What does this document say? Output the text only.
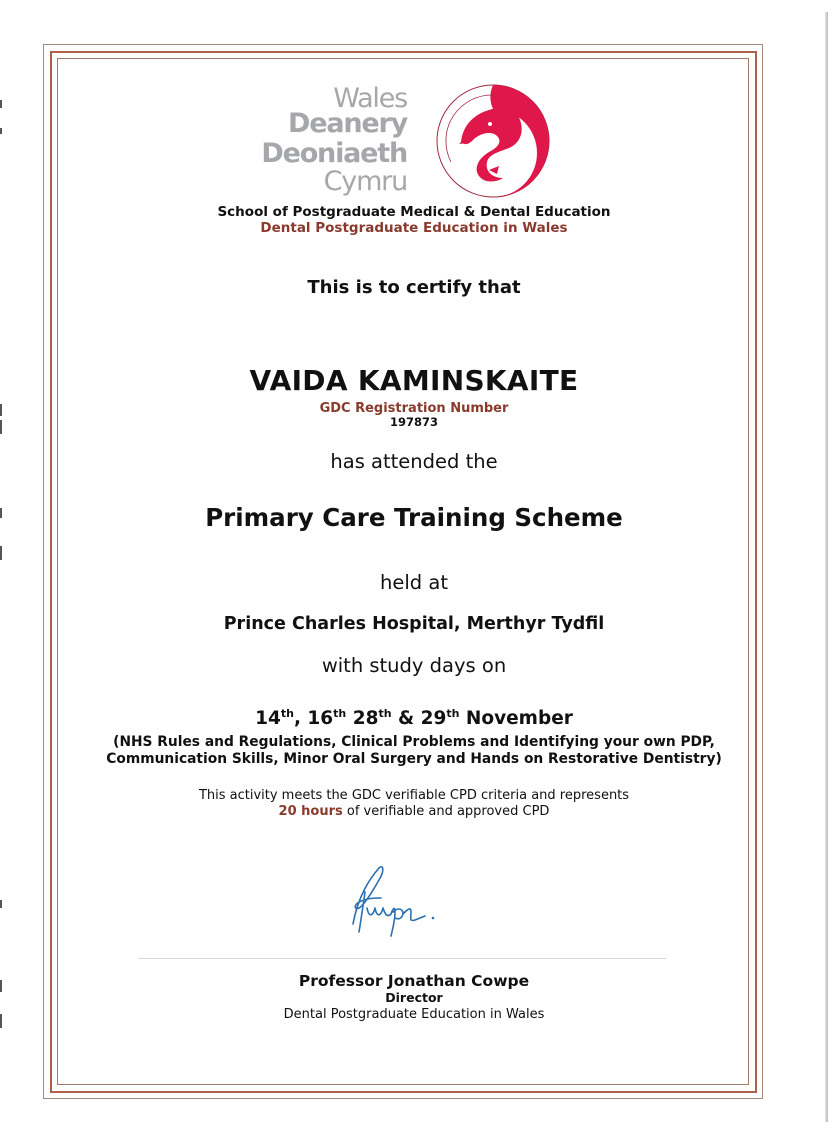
Wales
Deanery
Deoniaeth
Cymru
School of Postgraduate Medical & Dental Education
Dental Postgraduate Education in Wales
This is to certify that
VAIDA KAMINSKAITE
GDC Registration Number
197873
has attended the
Primary Care Training Scheme
held at
Prince Charles Hospital, Merthyr Tydfil
with study days on
14th, 16th 28th & 29th November
(NHS Rules and Regulations, Clinical Problems and Identifying your own PDP,
Communication Skills, Minor Oral Surgery and Hands on Restorative Dentistry)
This activity meets the GDC verifiable CPD criteria and represents
20 hours of verifiable and approved CPD
Professor Jonathan Cowpe
Director
Dental Postgraduate Education in Wales
